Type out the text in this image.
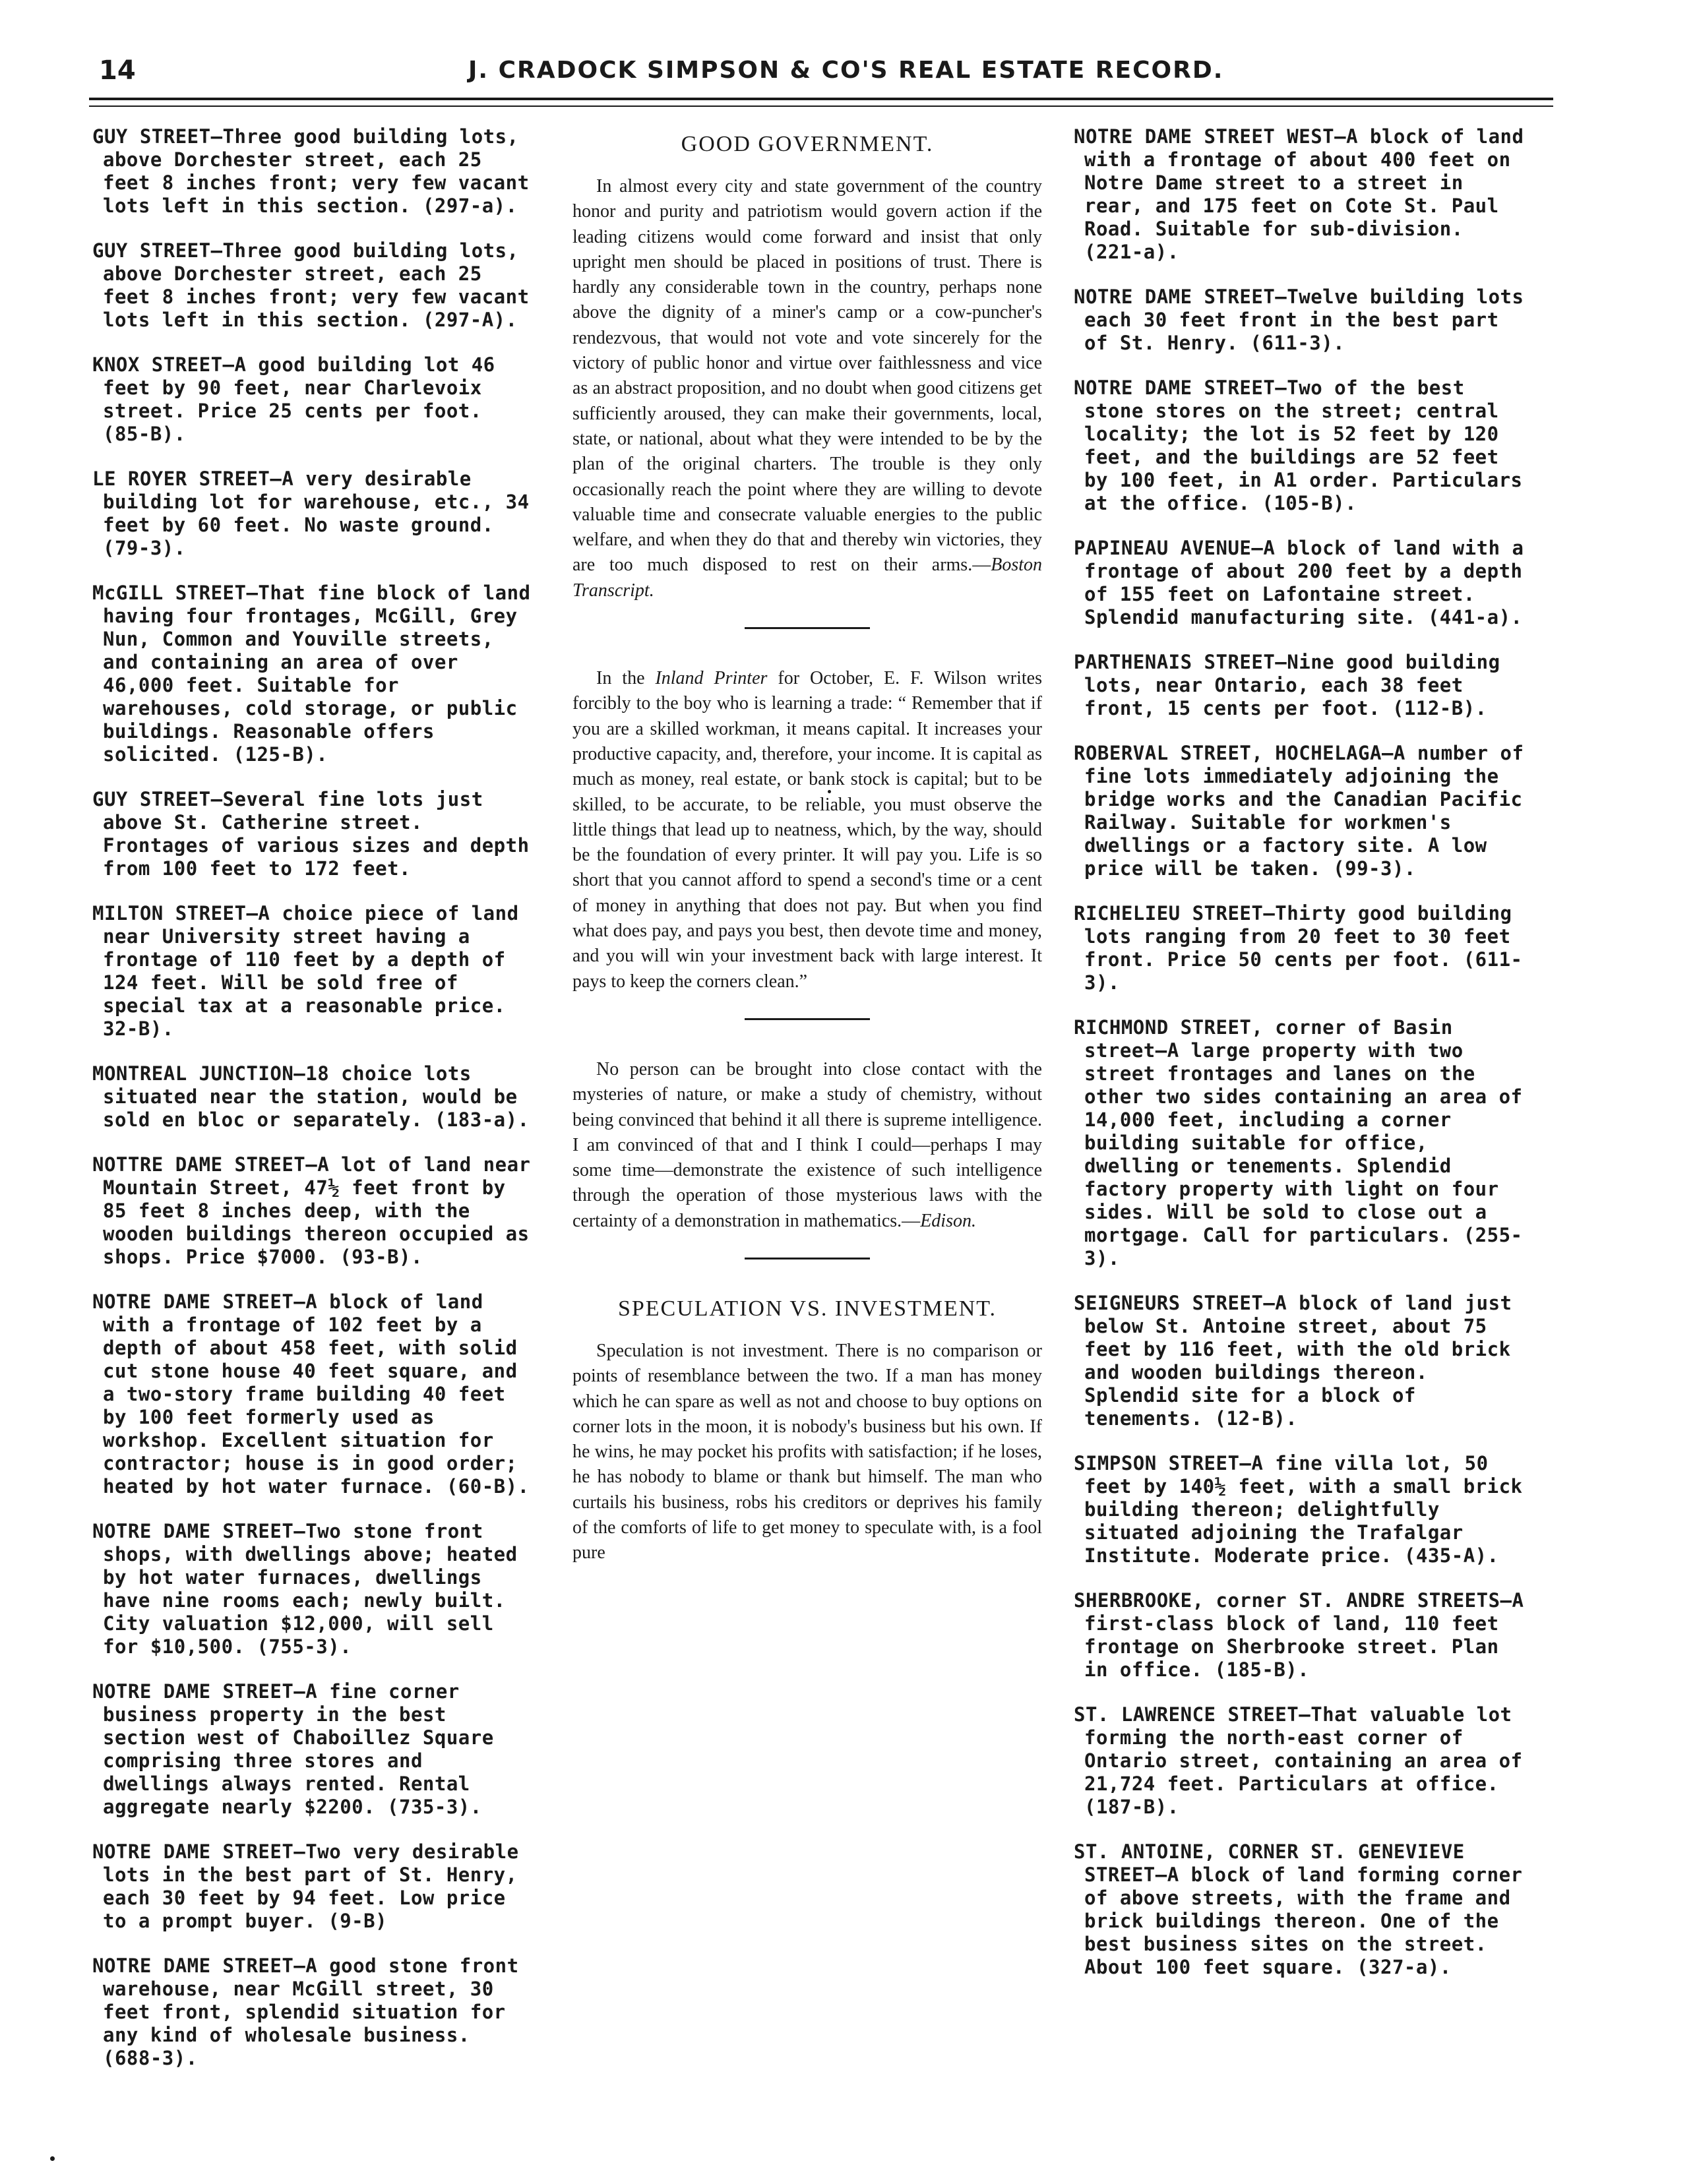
14	J. CRADOCK SIMPSON & CO'S REAL ESTATE RECORD.

GUY STREET—Three good building lots, above Dorchester street, each 25 feet 8 inches front; very few vacant lots left in this section. (297-a).

GUY STREET—Three good building lots, above Dorchester street, each 25 feet 8 inches front; very few vacant lots left in this section. (297-A).

KNOX STREET—A good building lot 46 feet by 90 feet, near Charlevoix street. Price 25 cents per foot. (85-B).

LE ROYER STREET—A very desirable building lot for warehouse, etc., 34 feet by 60 feet. No waste ground. (79-3).

McGILL STREET—That fine block of land having four frontages, McGill, Grey Nun, Common and Youville streets, and containing an area of over 46,000 feet. Suitable for warehouses, cold storage, or public buildings. Reasonable offers solicited. (125-B).

GUY STREET—Several fine lots just above St. Catherine street. Frontages of various sizes and depth from 100 feet to 172 feet.

MILTON STREET—A choice piece of land near University street having a frontage of 110 feet by a depth of 124 feet. Will be sold free of special tax at a reasonable price. 32-B).

MONTREAL JUNCTION—18 choice lots situated near the station, would be sold en bloc or separately. (183-a).

NOTTRE DAME STREET—A lot of land near Mountain Street, 47½ feet front by 85 feet 8 inches deep, with the wooden buildings thereon occupied as shops. Price $7000. (93-B).

NOTRE DAME STREET—A block of land with a frontage of 102 feet by a depth of about 458 feet, with solid cut stone house 40 feet square, and a two-story frame building 40 feet by 100 feet formerly used as workshop. Excellent situation for contractor; house is in good order; heated by hot water furnace. (60-B).

NOTRE DAME STREET—Two stone front shops, with dwellings above; heated by hot water furnaces, dwellings have nine rooms each; newly built. City valuation $12,000, will sell for $10,500. (755-3).

NOTRE DAME STREET—A fine corner business property in the best section west of Chaboillez Square comprising three stores and dwellings always rented. Rental aggregate nearly $2200. (735-3).

NOTRE DAME STREET—Two very desirable lots in the best part of St. Henry, each 30 feet by 94 feet. Low price to a prompt buyer. (9-B)

NOTRE DAME STREET—A good stone front warehouse, near McGill street, 30 feet front, splendid situation for any kind of wholesale business. (688-3).

GOOD GOVERNMENT.

In almost every city and state government of the country honor and purity and patriotism would govern action if the leading citizens would come forward and insist that only upright men should be placed in positions of trust. There is hardly any considerable town in the country, perhaps none above the dignity of a miner's camp or a cow-puncher's rendezvous, that would not vote and vote sincerely for the victory of public honor and virtue over faithlessness and vice as an abstract proposition, and no doubt when good citizens get sufficiently aroused, they can make their governments, local, state, or national, about what they were intended to be by the plan of the original charters. The trouble is they only occasionally reach the point where they are willing to devote valuable time and consecrate valuable energies to the public welfare, and when they do that and thereby win victories, they are too much disposed to rest on their arms.—Boston Transcript.

In the Inland Printer for October, E. F. Wilson writes forcibly to the boy who is learning a trade: “ Remember that if you are a skilled workman, it means capital. It increases your productive capacity, and, therefore, your income. It is capital as much as money, real estate, or bank stock is capital; but to be skilled, to be accurate, to be reliable, you must observe the little things that lead up to neatness, which, by the way, should be the foundation of every printer. It will pay you. Life is so short that you cannot afford to spend a second's time or a cent of money in anything that does not pay. But when you find what does pay, and pays you best, then devote time and money, and you will win your investment back with large interest. It pays to keep the corners clean.”

No person can be brought into close contact with the mysteries of nature, or make a study of chemistry, without being convinced that behind it all there is supreme intelligence. I am convinced of that and I think I could—perhaps I may some time—demonstrate the existence of such intelligence through the operation of those mysterious laws with the certainty of a demonstration in mathematics.—Edison.

SPECULATION VS. INVESTMENT.

Speculation is not investment. There is no comparison or points of resemblance between the two. If a man has money which he can spare as well as not and choose to buy options on corner lots in the moon, it is nobody's business but his own. If he wins, he may pocket his profits with satisfaction; if he loses, he has nobody to blame or thank but himself. The man who curtails his business, robs his creditors or deprives his family of the comforts of life to get money to speculate with, is a fool pure

NOTRE DAME STREET WEST—A block of land with a frontage of about 400 feet on Notre Dame street to a street in rear, and 175 feet on Cote St. Paul Road. Suitable for sub-division. (221-a).

NOTRE DAME STREET—Twelve building lots each 30 feet front in the best part of St. Henry. (611-3).

NOTRE DAME STREET—Two of the best stone stores on the street; central locality; the lot is 52 feet by 120 feet, and the buildings are 52 feet by 100 feet, in A1 order. Particulars at the office. (105-B).

PAPINEAU AVENUE—A block of land with a frontage of about 200 feet by a depth of 155 feet on Lafontaine street. Splendid manufacturing site. (441-a).

PARTHENAIS STREET—Nine good building lots, near Ontario, each 38 feet front, 15 cents per foot. (112-B).

ROBERVAL STREET, HOCHELAGA—A number of fine lots immediately adjoining the bridge works and the Canadian Pacific Railway. Suitable for workmen's dwellings or a factory site. A low price will be taken. (99-3).

RICHELIEU STREET—Thirty good building lots ranging from 20 feet to 30 feet front. Price 50 cents per foot. (611-3).

RICHMOND STREET, corner of Basin street—A large property with two street frontages and lanes on the other two sides containing an area of 14,000 feet, including a corner building suitable for office, dwelling or tenements. Splendid factory property with light on four sides. Will be sold to close out a mortgage. Call for particulars. (255-3).

SEIGNEURS STREET—A block of land just below St. Antoine street, about 75 feet by 116 feet, with the old brick and wooden buildings thereon. Splendid site for a block of tenements. (12-B).

SIMPSON STREET—A fine villa lot, 50 feet by 140½ feet, with a small brick building thereon; delightfully situated adjoining the Trafalgar Institute. Moderate price. (435-A).

SHERBROOKE, corner ST. ANDRE STREETS—A first-class block of land, 110 feet frontage on Sherbrooke street. Plan in office. (185-B).

ST. LAWRENCE STREET—That valuable lot forming the north-east corner of Ontario street, containing an area of 21,724 feet. Particulars at office. (187-B).

ST. ANTOINE, CORNER ST. GENEVIEVE STREET—A block of land forming corner of above streets, with the frame and brick buildings thereon. One of the best business sites on the street. About 100 feet square. (327-a).
